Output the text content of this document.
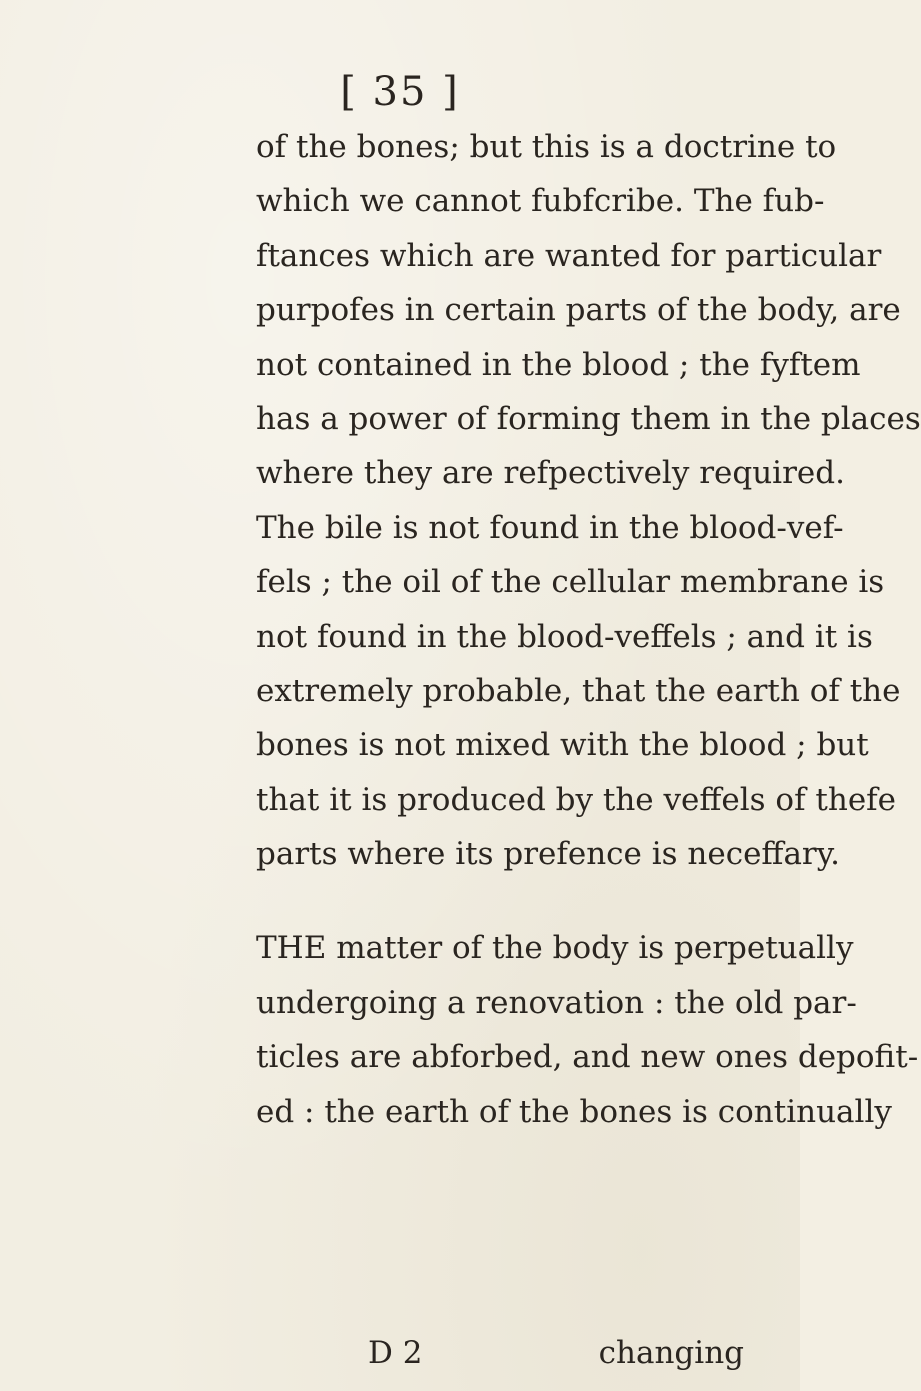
[ 35 ]
of the bones; but this is a doctrine to
which we cannot fubfcribe. The fub-
ftances which are wanted for particular
purpofes in certain parts of the body, are
not contained in the blood ; the fyftem
has a power of forming them in the places
where they are refpectively required.
The bile is not found in the blood-vef-
fels ; the oil of the cellular membrane is
not found in the blood-veffels ; and it is
extremely probable, that the earth of the
bones is not mixed with the blood ; but
that it is produced by the veffels of thefe
parts where its prefence is neceffary.
THE matter of the body is perpetually
undergoing a renovation : the old par-
ticles are abforbed, and new ones depofit-
ed : the earth of the bones is continually
D 2	changing
